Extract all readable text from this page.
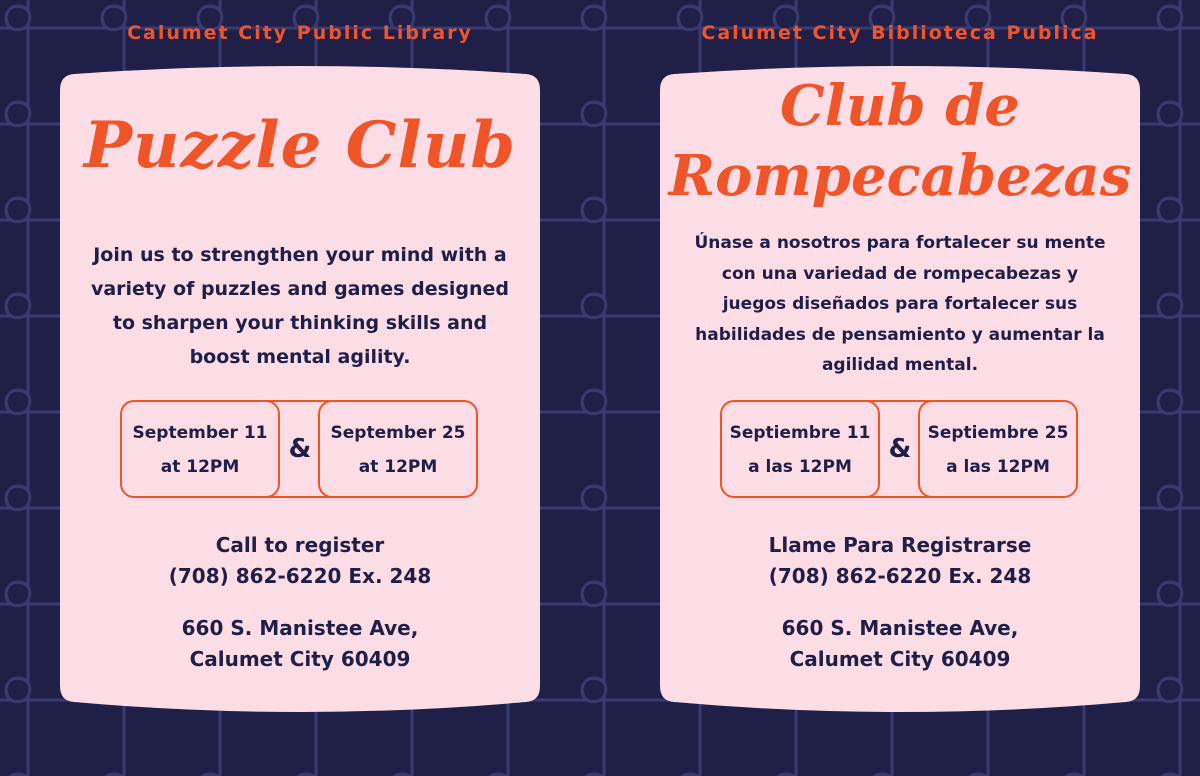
Calumet City Public Library
Puzzle Club
Join us to strengthen your mind with a
variety of puzzles and games designed
to sharpen your thinking skills and
boost mental agility.
September 11
at 12PM
&
September 25
at 12PM
Call to register
(708) 862-6220 Ex. 248
660 S. Manistee Ave,
Calumet City 60409
Calumet City Biblioteca Publica
Club de
Rompecabezas
Únase a nosotros para fortalecer su mente
con una variedad de rompecabezas y
juegos diseñados para fortalecer sus
habilidades de pensamiento y aumentar la
agilidad mental.
Septiembre 11
a las 12PM
&
Septiembre 25
a las 12PM
Llame Para Registrarse
(708) 862-6220 Ex. 248
660 S. Manistee Ave,
Calumet City 60409
